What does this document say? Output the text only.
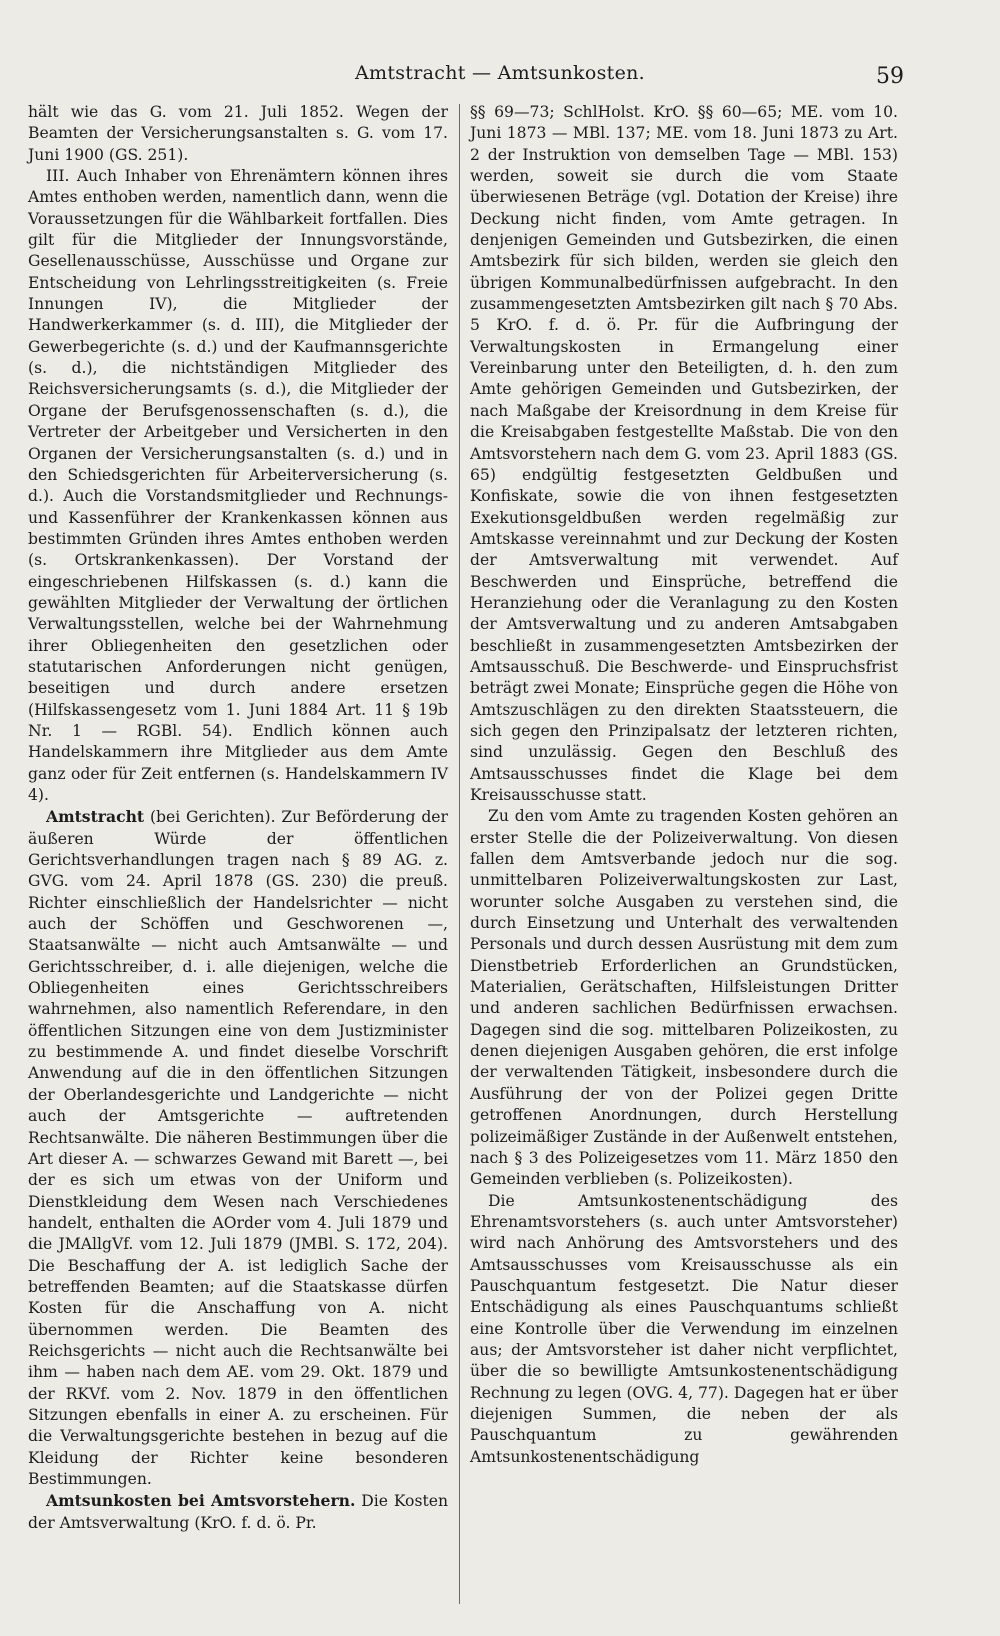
Amtstracht — Amtsunkosten.	59

hält wie das G. vom 21. Juli 1852. Wegen der Beamten der Versicherungsanstalten s. G. vom 17. Juni 1900 (GS. 251).

III. Auch Inhaber von Ehrenämtern können ihres Amtes enthoben werden, namentlich dann, wenn die Voraussetzungen für die Wählbarkeit fortfallen. Dies gilt für die Mitglieder der Innungsvorstände, Gesellenausschüsse, Ausschüsse und Organe zur Entscheidung von Lehrlingsstreitigkeiten (s. Freie Innungen IV), die Mitglieder der Handwerkerkammer (s. d. III), die Mitglieder der Gewerbegerichte (s. d.) und der Kaufmannsgerichte (s. d.), die nichtständigen Mitglieder des Reichsversicherungsamts (s. d.), die Mitglieder der Organe der Berufsgenossenschaften (s. d.), die Vertreter der Arbeitgeber und Versicherten in den Organen der Versicherungsanstalten (s. d.) und in den Schiedsgerichten für Arbeiterversicherung (s. d.). Auch die Vorstandsmitglieder und Rechnungs- und Kassenführer der Krankenkassen können aus bestimmten Gründen ihres Amtes enthoben werden (s. Ortskrankenkassen). Der Vorstand der eingeschriebenen Hilfskassen (s. d.) kann die gewählten Mitglieder der Verwaltung der örtlichen Verwaltungsstellen, welche bei der Wahrnehmung ihrer Obliegenheiten den gesetzlichen oder statutarischen Anforderungen nicht genügen, beseitigen und durch andere ersetzen (Hilfskassengesetz vom 1. Juni 1884 Art. 11 § 19b Nr. 1 — RGBl. 54). Endlich können auch Handelskammern ihre Mitglieder aus dem Amte ganz oder für Zeit entfernen (s. Handelskammern IV 4).

Amtstracht (bei Gerichten). Zur Beförderung der äußeren Würde der öffentlichen Gerichtsverhandlungen tragen nach § 89 AG. z. GVG. vom 24. April 1878 (GS. 230) die preuß. Richter einschließlich der Handelsrichter — nicht auch der Schöffen und Geschworenen —, Staatsanwälte — nicht auch Amtsanwälte — und Gerichtsschreiber, d. i. alle diejenigen, welche die Obliegenheiten eines Gerichtsschreibers wahrnehmen, also namentlich Referendare, in den öffentlichen Sitzungen eine von dem Justizminister zu bestimmende A. und findet dieselbe Vorschrift Anwendung auf die in den öffentlichen Sitzungen der Oberlandesgerichte und Landgerichte — nicht auch der Amtsgerichte — auftretenden Rechtsanwälte. Die näheren Bestimmungen über die Art dieser A. — schwarzes Gewand mit Barett —, bei der es sich um etwas von der Uniform und Dienstkleidung dem Wesen nach Verschiedenes handelt, enthalten die AOrder vom 4. Juli 1879 und die JMAllgVf. vom 12. Juli 1879 (JMBl. S. 172, 204). Die Beschaffung der A. ist lediglich Sache der betreffenden Beamten; auf die Staatskasse dürfen Kosten für die Anschaffung von A. nicht übernommen werden. Die Beamten des Reichsgerichts — nicht auch die Rechtsanwälte bei ihm — haben nach dem AE. vom 29. Okt. 1879 und der RKVf. vom 2. Nov. 1879 in den öffentlichen Sitzungen ebenfalls in einer A. zu erscheinen. Für die Verwaltungsgerichte bestehen in bezug auf die Kleidung der Richter keine besonderen Bestimmungen.

Amtsunkosten bei Amtsvorstehern. Die Kosten der Amtsverwaltung (KrO. f. d. ö. Pr.

§§ 69—73; SchlHolst. KrO. §§ 60—65; ME. vom 10. Juni 1873 — MBl. 137; ME. vom 18. Juni 1873 zu Art. 2 der Instruktion von demselben Tage — MBl. 153) werden, soweit sie durch die vom Staate überwiesenen Beträge (vgl. Dotation der Kreise) ihre Deckung nicht finden, vom Amte getragen. In denjenigen Gemeinden und Gutsbezirken, die einen Amtsbezirk für sich bilden, werden sie gleich den übrigen Kommunalbedürfnissen aufgebracht. In den zusammengesetzten Amtsbezirken gilt nach § 70 Abs. 5 KrO. f. d. ö. Pr. für die Aufbringung der Verwaltungskosten in Ermangelung einer Vereinbarung unter den Beteiligten, d. h. den zum Amte gehörigen Gemeinden und Gutsbezirken, der nach Maßgabe der Kreisordnung in dem Kreise für die Kreisabgaben festgestellte Maßstab. Die von den Amtsvorstehern nach dem G. vom 23. April 1883 (GS. 65) endgültig festgesetzten Geldbußen und Konfiskate, sowie die von ihnen festgesetzten Exekutionsgeldbußen werden regelmäßig zur Amtskasse vereinnahmt und zur Deckung der Kosten der Amtsverwaltung mit verwendet. Auf Beschwerden und Einsprüche, betreffend die Heranziehung oder die Veranlagung zu den Kosten der Amtsverwaltung und zu anderen Amtsabgaben beschließt in zusammengesetzten Amtsbezirken der Amtsausschuß. Die Beschwerde- und Einspruchsfrist beträgt zwei Monate; Einsprüche gegen die Höhe von Amtszuschlägen zu den direkten Staatssteuern, die sich gegen den Prinzipalsatz der letzteren richten, sind unzulässig. Gegen den Beschluß des Amtsausschusses findet die Klage bei dem Kreisausschusse statt.

Zu den vom Amte zu tragenden Kosten gehören an erster Stelle die der Polizeiverwaltung. Von diesen fallen dem Amtsverbande jedoch nur die sog. unmittelbaren Polizeiverwaltungskosten zur Last, worunter solche Ausgaben zu verstehen sind, die durch Einsetzung und Unterhalt des verwaltenden Personals und durch dessen Ausrüstung mit dem zum Dienstbetrieb Erforderlichen an Grundstücken, Materialien, Gerätschaften, Hilfsleistungen Dritter und anderen sachlichen Bedürfnissen erwachsen. Dagegen sind die sog. mittelbaren Polizeikosten, zu denen diejenigen Ausgaben gehören, die erst infolge der verwaltenden Tätigkeit, insbesondere durch die Ausführung der von der Polizei gegen Dritte getroffenen Anordnungen, durch Herstellung polizeimäßiger Zustände in der Außenwelt entstehen, nach § 3 des Polizeigesetzes vom 11. März 1850 den Gemeinden verblieben (s. Polizeikosten).

Die Amtsunkostenentschädigung des Ehrenamtsvorstehers (s. auch unter Amtsvorsteher) wird nach Anhörung des Amtsvorstehers und des Amtsausschusses vom Kreisausschusse als ein Pauschquantum festgesetzt. Die Natur dieser Entschädigung als eines Pauschquantums schließt eine Kontrolle über die Verwendung im einzelnen aus; der Amtsvorsteher ist daher nicht verpflichtet, über die so bewilligte Amtsunkostenentschädigung Rechnung zu legen (OVG. 4, 77). Dagegen hat er über diejenigen Summen, die neben der als Pauschquantum zu gewährenden Amtsunkostenentschädigung
